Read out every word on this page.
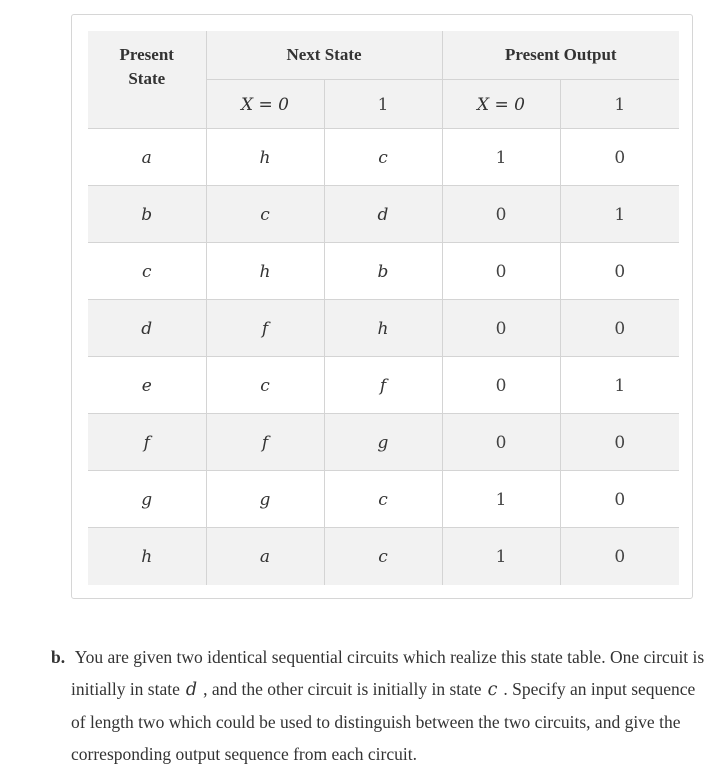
Present
State	Next State		Present Output	
	X = 0	1	X = 0	1
a	h	c	1	0
b	c	d	0	1
c	h	b	0	0
d	f	h	0	0
e	c	f	0	1
f	f	g	0	0
g	g	c	1	0
h	a	c	1	0
b. You are given two identical sequential circuits which realize this state table. One circuit is initially in state d , and the other circuit is initially in state c . Specify an input sequence of length two which could be used to distinguish between the two circuits, and give the corresponding output sequence from each circuit.
